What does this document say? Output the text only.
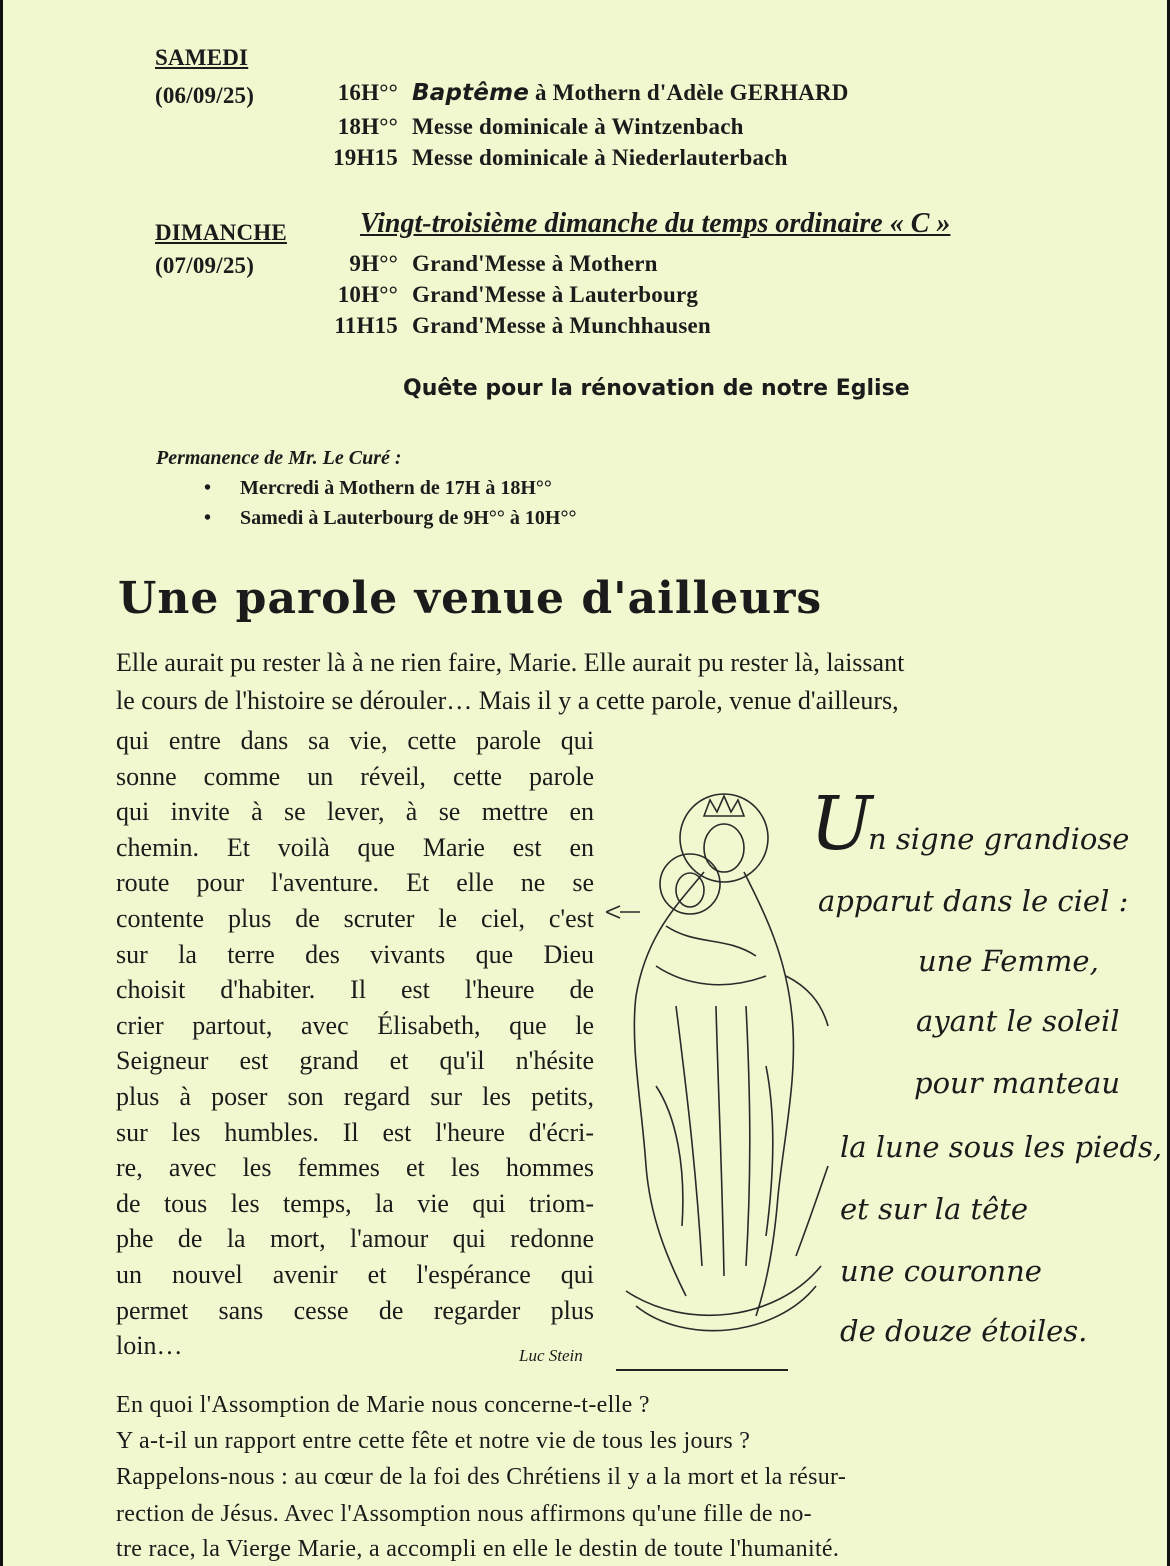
SAMEDI
(06/09/25)	16H°° Baptême à Mothern d'Adèle GERHARD
18H°° Messe dominicale à Wintzenbach
19H15 Messe dominicale à Niederlauterbach
DIMANCHE	Vingt-troisième dimanche du temps ordinaire « C »
(07/09/25)	9H°° Grand'Messe à Mothern
10H°° Grand'Messe à Lauterbourg
11H15 Grand'Messe à Munchhausen
Quête pour la rénovation de notre Eglise
Permanence de Mr. Le Curé :
• Mercredi à Mothern de 17H à 18H°°
• Samedi à Lauterbourg de 9H°° à 10H°°
Une parole venue d'ailleurs
Elle aurait pu rester là à ne rien faire, Marie. Elle aurait pu rester là, laissant
le cours de l'histoire se dérouler… Mais il y a cette parole, venue d'ailleurs,
qui entre dans sa vie, cette parole qui
sonne comme un réveil, cette parole
qui invite à se lever, à se mettre en
chemin. Et voilà que Marie est en
route pour l'aventure. Et elle ne se
contente plus de scruter le ciel, c'est
sur la terre des vivants que Dieu
choisit d'habiter. Il est l'heure de
crier partout, avec Élisabeth, que le
Seigneur est grand et qu'il n'hésite
plus à poser son regard sur les petits,
sur les humbles. Il est l'heure d'écri-
re, avec les femmes et les hommes
de tous les temps, la vie qui triom-
phe de la mort, l'amour qui redonne
un nouvel avenir et l'espérance qui
permet sans cesse de regarder plus
loin…	Luc Stein
U
n signe grandiose
apparut dans le ciel :
une Femme,
ayant le soleil
pour manteau
la lune sous les pieds,
et sur la tête
une couronne
de douze étoiles.
En quoi l'Assomption de Marie nous concerne-t-elle ?
Y a-t-il un rapport entre cette fête et notre vie de tous les jours ?
Rappelons-nous : au cœur de la foi des Chrétiens il y a la mort et la résur-
rection de Jésus. Avec l'Assomption nous affirmons qu'une fille de no-
tre race, la Vierge Marie, a accompli en elle le destin de toute l'humanité.
